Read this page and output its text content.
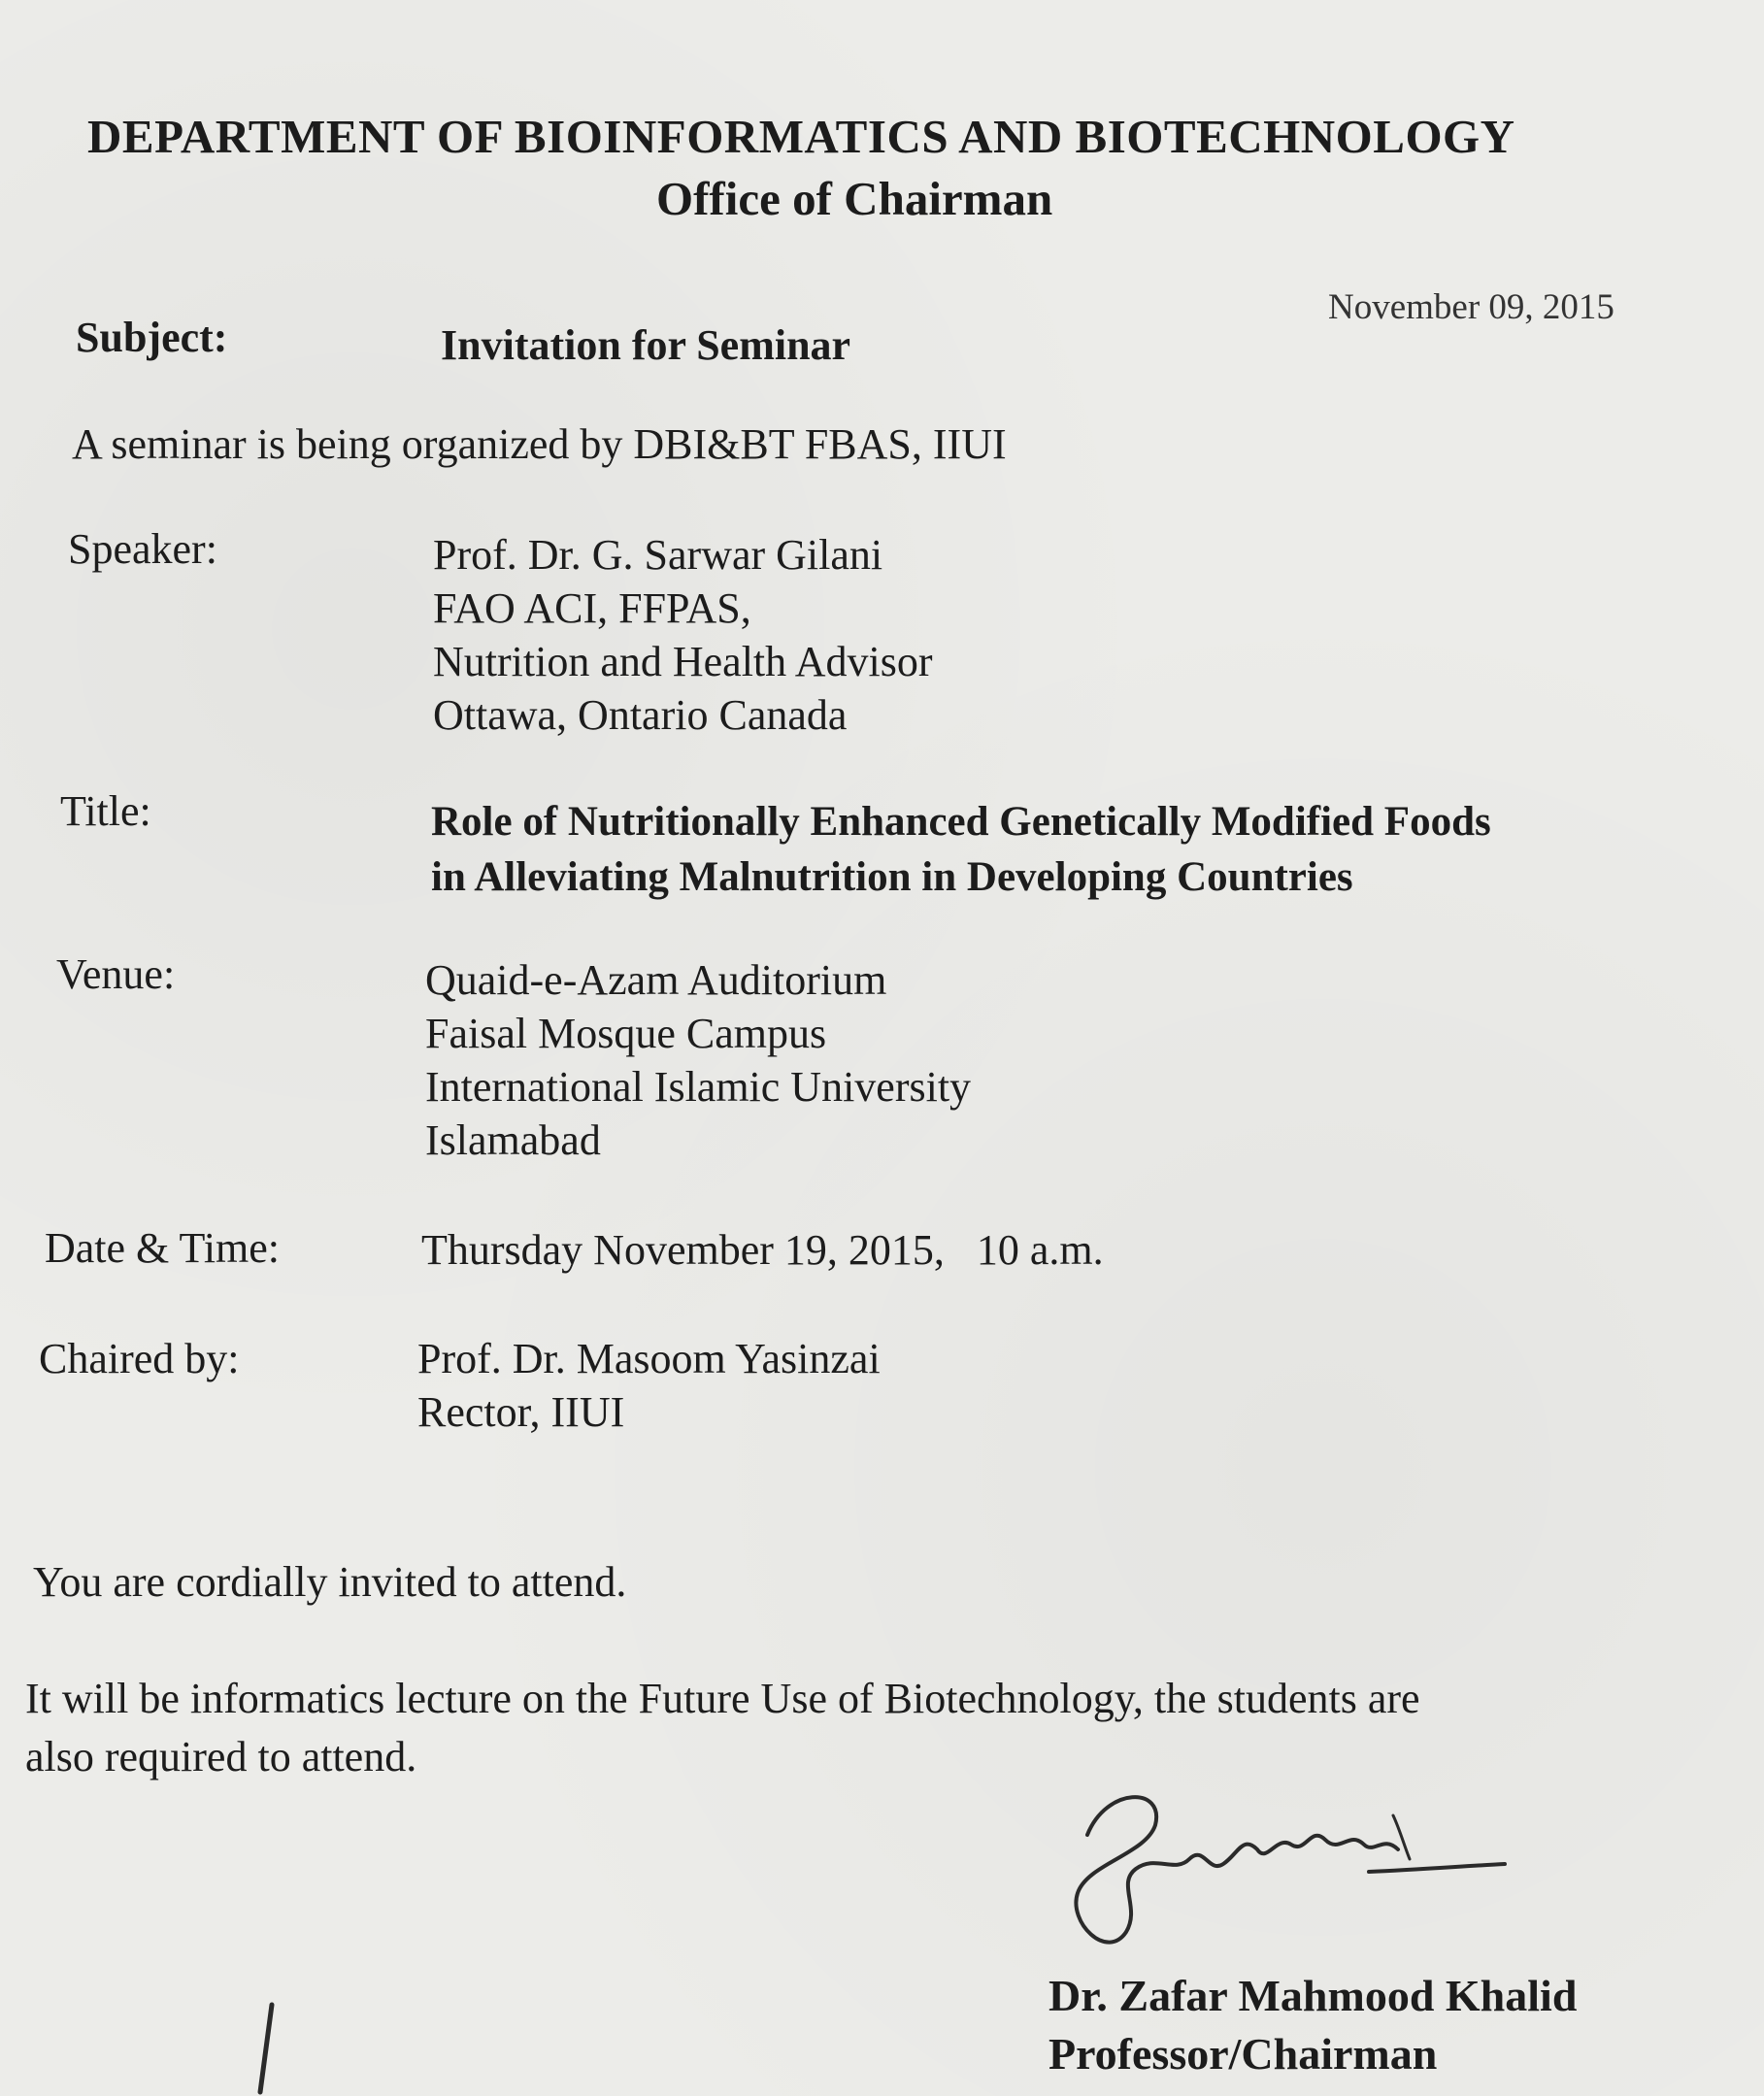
DEPARTMENT OF BIOINFORMATICS AND BIOTECHNOLOGY
Office of Chairman
November 09, 2015
Subject:	Invitation for Seminar
A seminar is being organized by DBI&BT FBAS, IIUI
Speaker:	Prof. Dr. G. Sarwar Gilani
FAO ACI, FFPAS,
Nutrition and Health Advisor
Ottawa, Ontario Canada
Title:	Role of Nutritionally Enhanced Genetically Modified Foods
in Alleviating Malnutrition in Developing Countries
Venue:	Quaid-e-Azam Auditorium
Faisal Mosque Campus
International Islamic University
Islamabad
Date & Time:	Thursday November 19, 2015,   10 a.m.
Chaired by:	Prof. Dr. Masoom Yasinzai
Rector, IIUI
You are cordially invited to attend.
It will be informatics lecture on the Future Use of Biotechnology, the students are
also required to attend.
Dr. Zafar Mahmood Khalid
Professor/Chairman
